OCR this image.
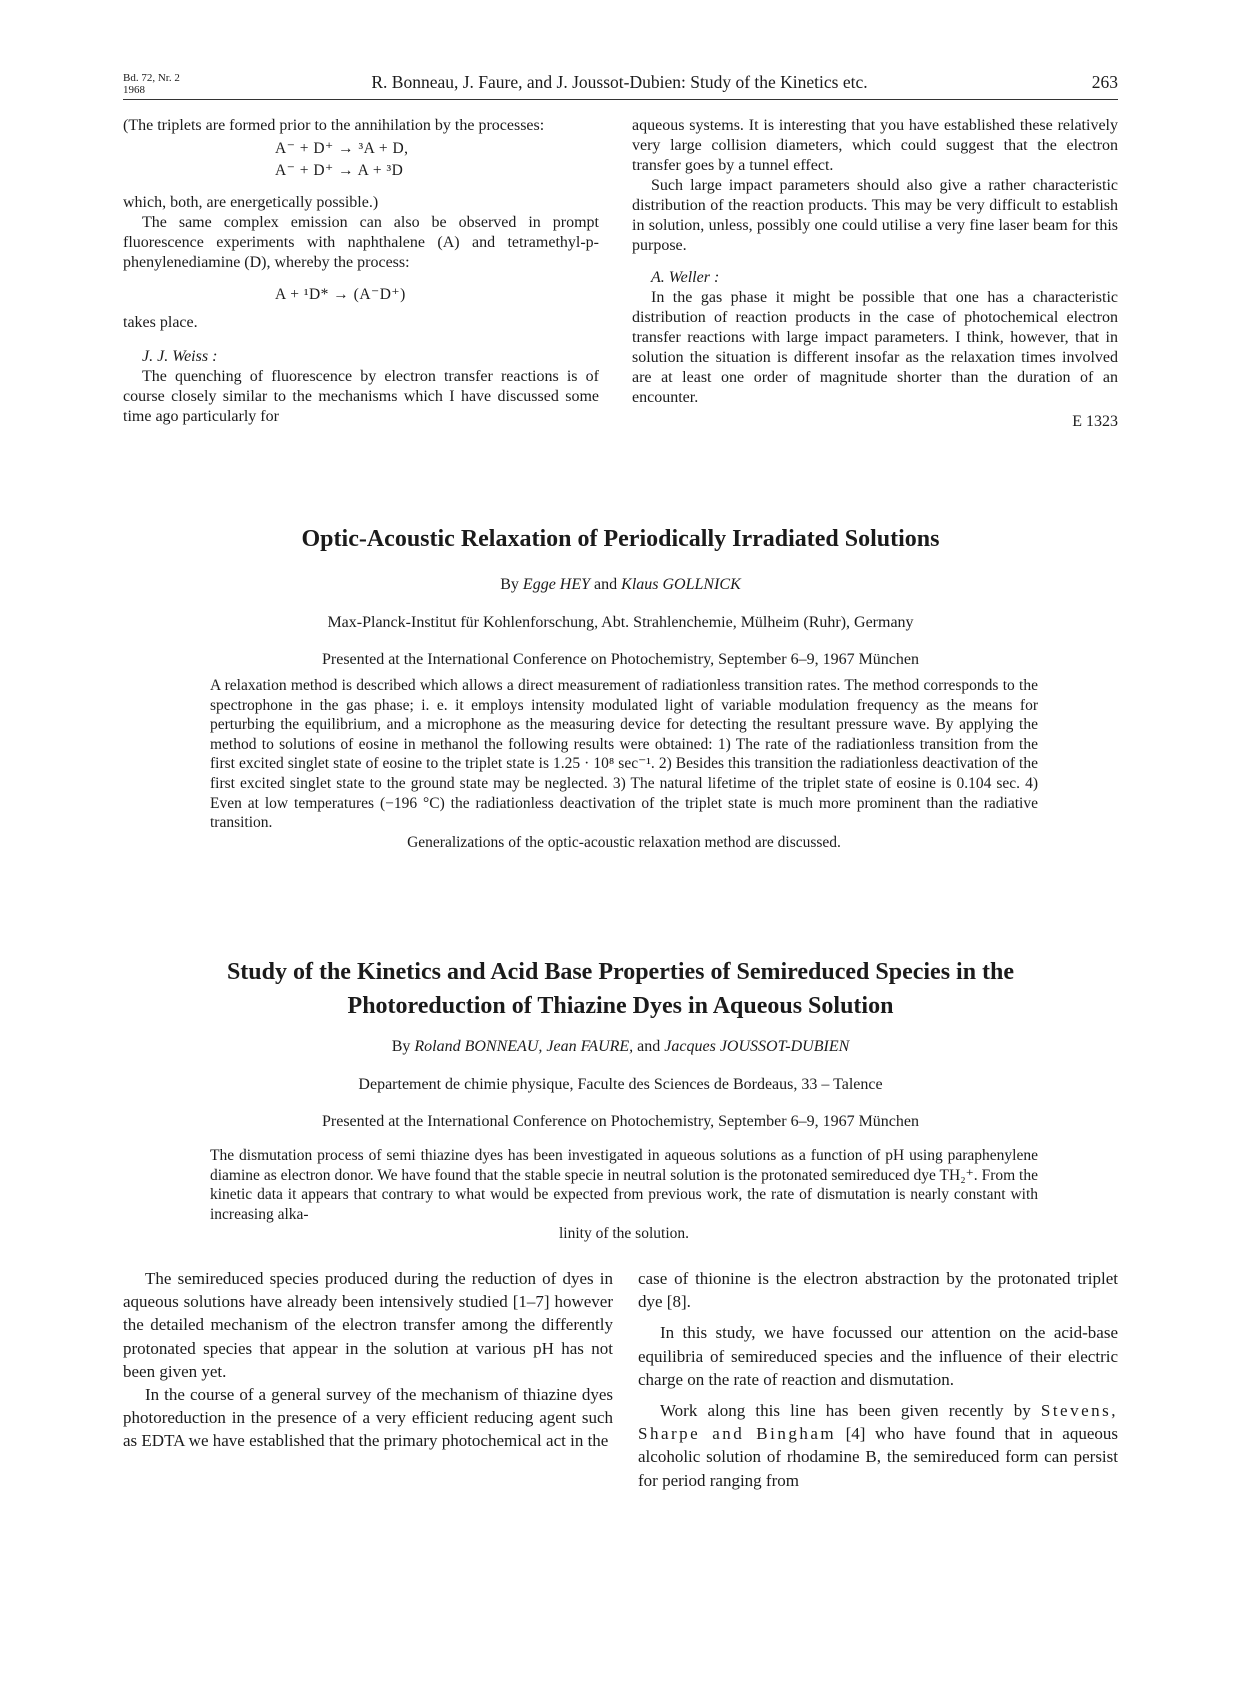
Bd. 72, Nr. 2 1968	R. Bonneau, J. Faure, and J. Joussot-Dubien: Study of the Kinetics etc.	263

(The triplets are formed prior to the annihilation by the processes:

A⁻ + D⁺ → ³A + D,

A⁻ + D⁺ → A + ³D

which, both, are energetically possible.)

The same complex emission can also be observed in prompt fluorescence experiments with naphthalene (A) and tetramethyl-p-phenylenediamine (D), whereby the process:

A + ¹D* → (A⁻D⁺)

takes place.

J. J. Weiss :

The quenching of fluorescence by electron transfer reactions is of course closely similar to the mechanisms which I have discussed some time ago particularly for

aqueous systems. It is interesting that you have established these relatively very large collision diameters, which could suggest that the electron transfer goes by a tunnel effect.

Such large impact parameters should also give a rather characteristic distribution of the reaction products. This may be very difficult to establish in solution, unless, possibly one could utilise a very fine laser beam for this purpose.

A. Weller :

In the gas phase it might be possible that one has a characteristic distribution of reaction products in the case of photochemical electron transfer reactions with large impact parameters. I think, however, that in solution the situation is different insofar as the relaxation times involved are at least one order of magnitude shorter than the duration of an encounter.

E 1323

Optic-Acoustic Relaxation of Periodically Irradiated Solutions
By Egge HEY and Klaus GOLLNICK
Max-Planck-Institut für Kohlenforschung, Abt. Strahlenchemie, Mülheim (Ruhr), Germany
Presented at the International Conference on Photochemistry, September 6–9, 1967 München

A relaxation method is described which allows a direct measurement of radiationless transition rates. The method corresponds to the spectrophone in the gas phase; i. e. it employs intensity modulated light of variable modulation frequency as the means for perturbing the equilibrium, and a microphone as the measuring device for detecting the resultant pressure wave. By applying the method to solutions of eosine in methanol the following results were obtained: 1) The rate of the radiationless transition from the first excited singlet state of eosine to the triplet state is 1.25 · 10⁸ sec⁻¹. 2) Besides this transition the radiationless deactivation of the first excited singlet state to the ground state may be neglected. 3) The natural lifetime of the triplet state of eosine is 0.104 sec. 4) Even at low temperatures (−196 °C) the radiationless deactivation of the triplet state is much more prominent than the radiative transition.

Generalizations of the optic-acoustic relaxation method are discussed.

Study of the Kinetics and Acid Base Properties of Semireduced Species in the
Photoreduction of Thiazine Dyes in Aqueous Solution
By Roland BONNEAU, Jean FAURE, and Jacques JOUSSOT-DUBIEN
Departement de chimie physique, Faculte des Sciences de Bordeaus, 33 – Talence
Presented at the International Conference on Photochemistry, September 6–9, 1967 München

The dismutation process of semi thiazine dyes has been investigated in aqueous solutions as a function of pH using paraphenylene diamine as electron donor. We have found that the stable specie in neutral solution is the protonated semireduced dye TH₂⁺. From the kinetic data it appears that contrary to what would be expected from previous work, the rate of dismutation is nearly constant with increasing alka-

linity of the solution.

The semireduced species produced during the reduction of dyes in aqueous solutions have already been intensively studied [1–7] however the detailed mechanism of the electron transfer among the differently protonated species that appear in the solution at various pH has not been given yet.

In the course of a general survey of the mechanism of thiazine dyes photoreduction in the presence of a very efficient reducing agent such as EDTA we have established that the primary photochemical act in the

case of thionine is the electron abstraction by the protonated triplet dye [8].

In this study, we have focussed our attention on the acid-base equilibria of semireduced species and the influence of their electric charge on the rate of reaction and dismutation.

Work along this line has been given recently by Stevens, Sharpe and Bingham [4] who have found that in aqueous alcoholic solution of rhodamine B, the semireduced form can persist for period ranging from
